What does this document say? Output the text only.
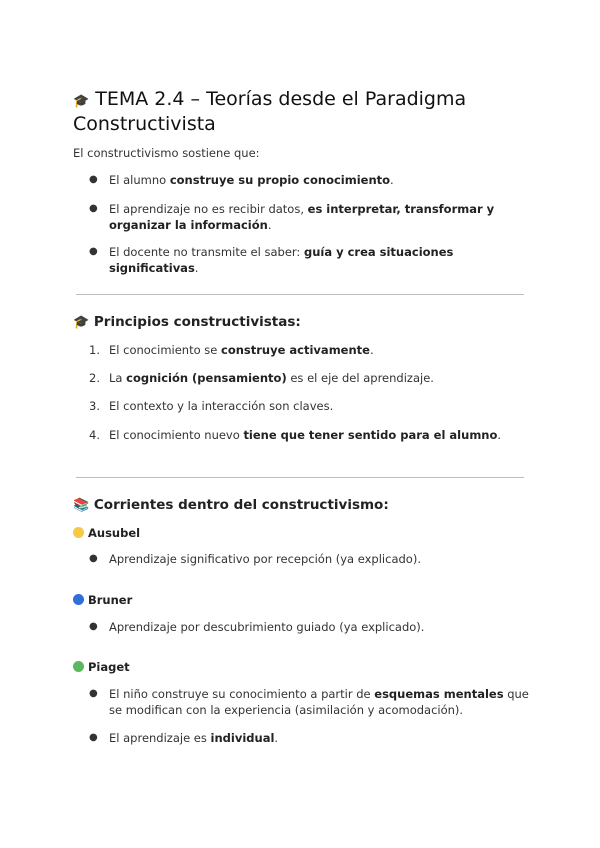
🎓 TEMA 2.4 – Teorías desde el Paradigma Constructivista
El constructivismo sostiene que:
● El alumno construye su propio conocimiento.
● El aprendizaje no es recibir datos, es interpretar, transformar y organizar la información.
● El docente no transmite el saber: guía y crea situaciones significativas.
🎓 Principios constructivistas:
1. El conocimiento se construye activamente.
2. La cognición (pensamiento) es el eje del aprendizaje.
3. El contexto y la interacción son claves.
4. El conocimiento nuevo tiene que tener sentido para el alumno.
📚 Corrientes dentro del constructivismo:
Ausubel
● Aprendizaje significativo por recepción (ya explicado).
Bruner
● Aprendizaje por descubrimiento guiado (ya explicado).
Piaget
● El niño construye su conocimiento a partir de esquemas mentales que se modifican con la experiencia (asimilación y acomodación).
● El aprendizaje es individual.
